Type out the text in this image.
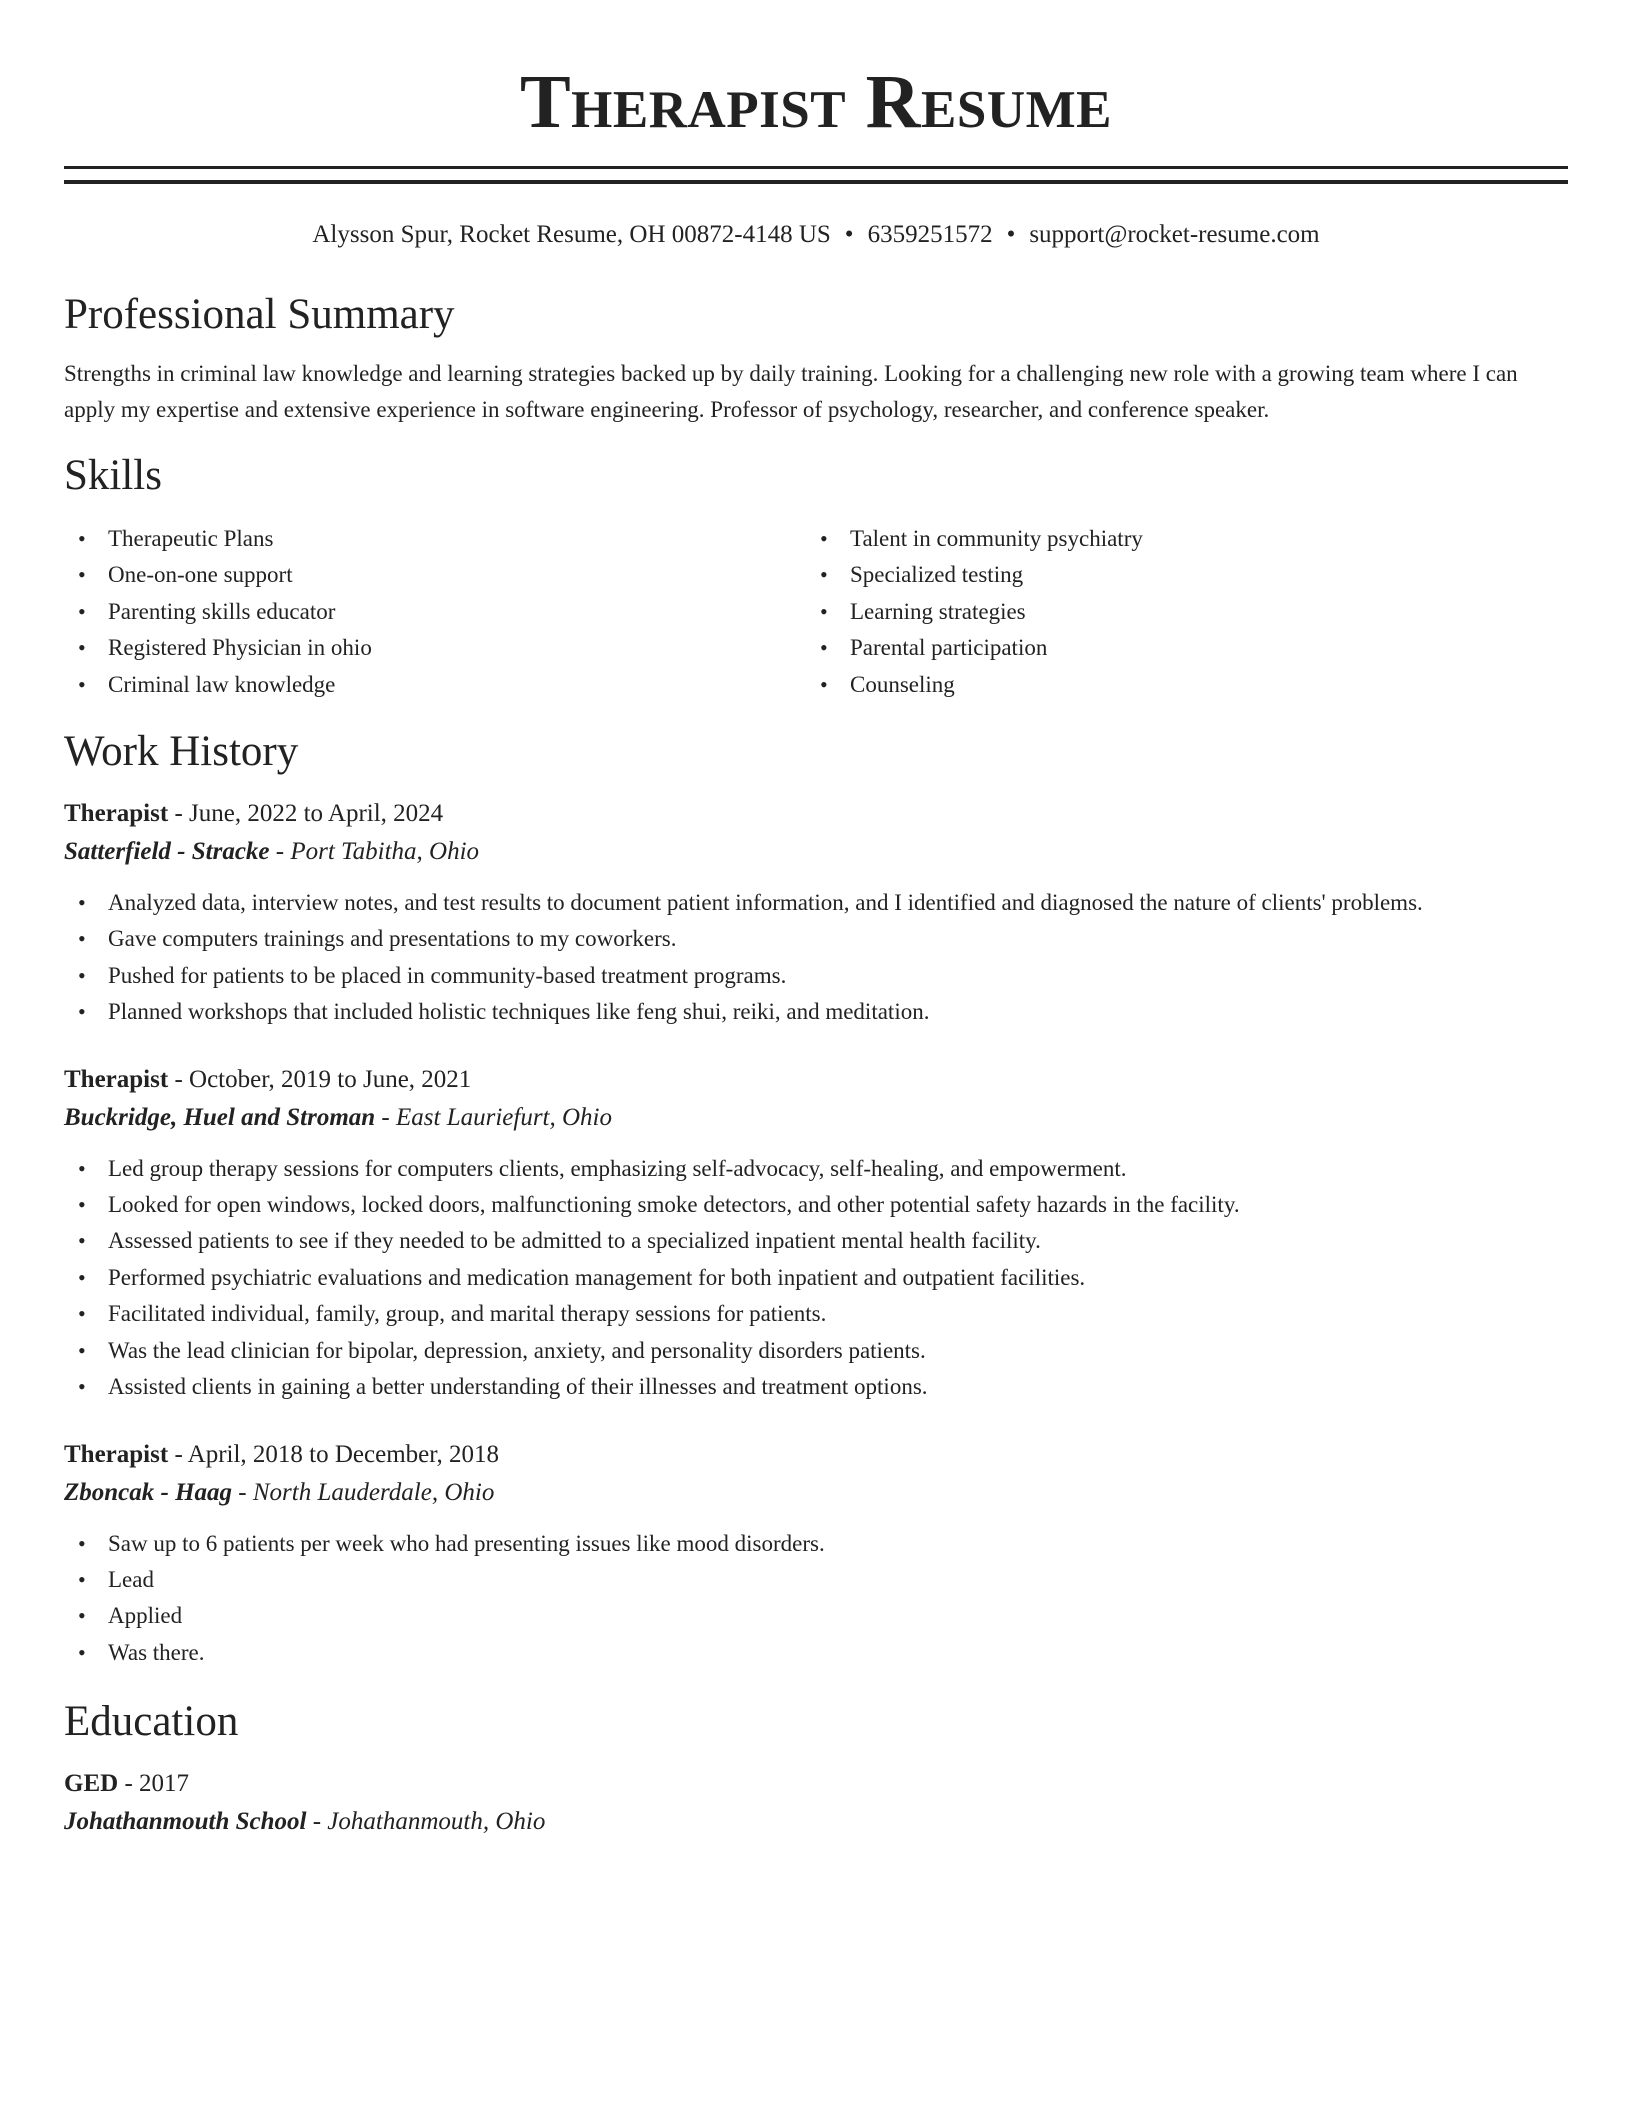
Therapist Resume
Alysson Spur, Rocket Resume, OH 00872-4148 US • 6359251572 • support@rocket-resume.com
Professional Summary

Strengths in criminal law knowledge and learning strategies backed up by daily training. Looking for a challenging new role with a growing team where I can apply my expertise and extensive experience in software engineering. Professor of psychology, researcher, and conference speaker.

Skills
• Therapeutic Plans
• One-on-one support
• Parenting skills educator
• Registered Physician in ohio
• Criminal law knowledge
• Talent in community psychiatry
• Specialized testing
• Learning strategies
• Parental participation
• Counseling
Work History
Therapist - June, 2022 to April, 2024
Satterfield - Stracke - Port Tabitha, Ohio
• Analyzed data, interview notes, and test results to document patient information, and I identified and diagnosed the nature of clients' problems.
• Gave computers trainings and presentations to my coworkers.
• Pushed for patients to be placed in community-based treatment programs.
• Planned workshops that included holistic techniques like feng shui, reiki, and meditation.
Therapist - October, 2019 to June, 2021
Buckridge, Huel and Stroman - East Lauriefurt, Ohio
• Led group therapy sessions for computers clients, emphasizing self-advocacy, self-healing, and empowerment.
• Looked for open windows, locked doors, malfunctioning smoke detectors, and other potential safety hazards in the facility.
• Assessed patients to see if they needed to be admitted to a specialized inpatient mental health facility.
• Performed psychiatric evaluations and medication management for both inpatient and outpatient facilities.
• Facilitated individual, family, group, and marital therapy sessions for patients.
• Was the lead clinician for bipolar, depression, anxiety, and personality disorders patients.
• Assisted clients in gaining a better understanding of their illnesses and treatment options.
Therapist - April, 2018 to December, 2018
Zboncak - Haag - North Lauderdale, Ohio
• Saw up to 6 patients per week who had presenting issues like mood disorders.
• Lead
• Applied
• Was there.
Education
GED - 2017
Johathanmouth School - Johathanmouth, Ohio
